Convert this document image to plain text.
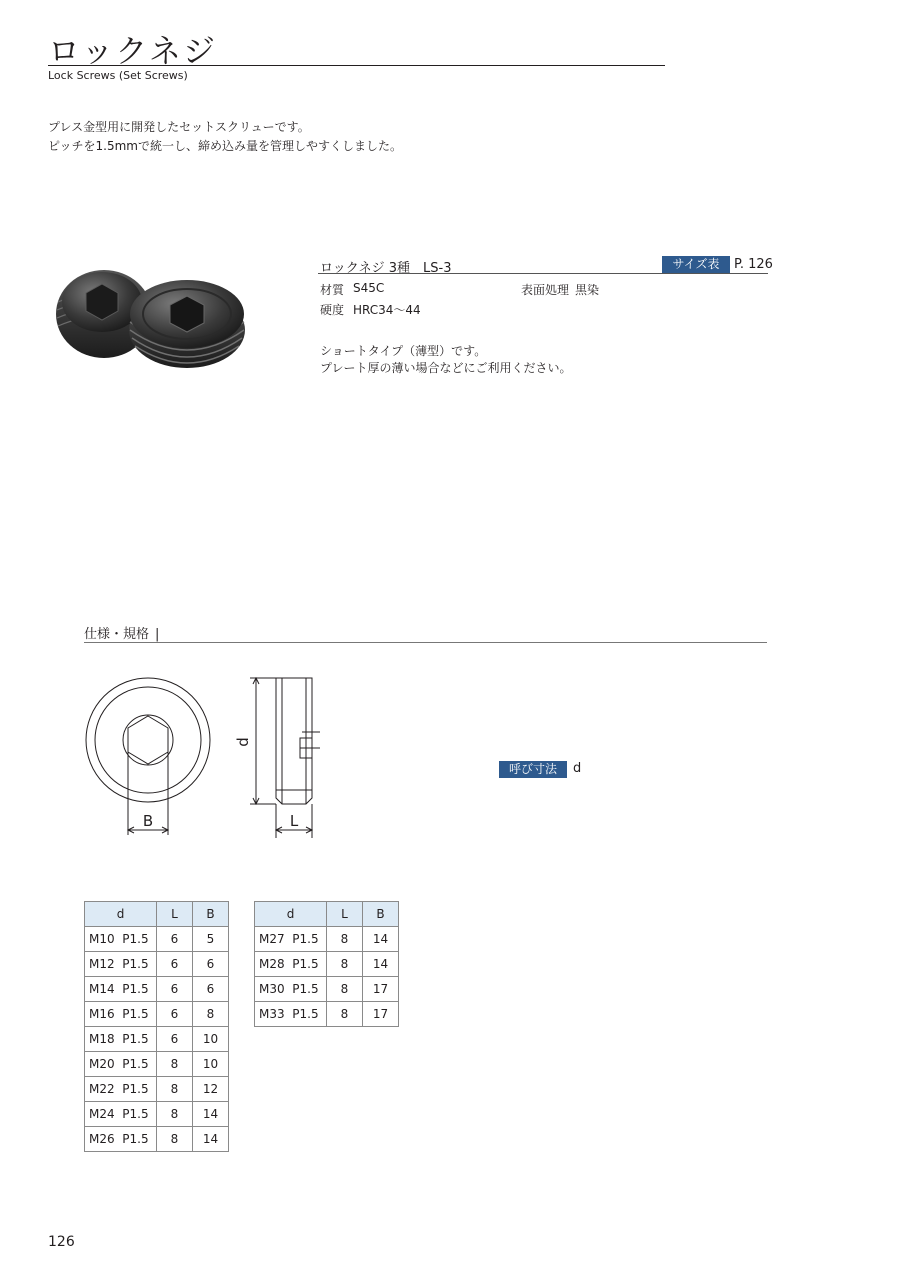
ロックネジ
Lock Screws (Set Screws)
プレス金型用に開発したセットスクリューです。
ピッチを1.5mmで統一し、締め込み量を管理しやすくしました。
ロックネジ 3種　LS-3	サイズ表	P. 126
材質 S45C	表面処理 黒染
硬度 HRC34〜44
ショートタイプ（薄型）です。
プレート厚の薄い場合などにご利用ください。
仕様・規格 |
B	L
d
呼び寸法	d
d	L	B
M10  P1.5	6	5
M12  P1.5	6	6
M14  P1.5	6	6
M16  P1.5	6	8
M18  P1.5	6	10
M20  P1.5	8	10
M22  P1.5	8	12
M24  P1.5	8	14
M26  P1.5	8	14
d	L	B
M27  P1.5	8	14
M28  P1.5	8	14
M30  P1.5	8	17
M33  P1.5	8	17
126
